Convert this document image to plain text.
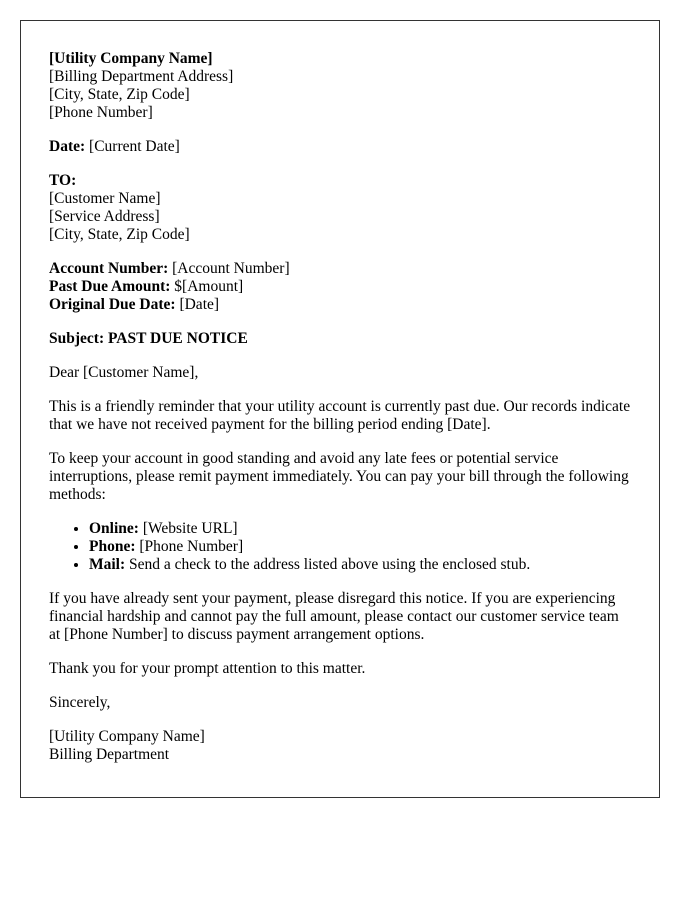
[Utility Company Name]
[Billing Department Address]
[City, State, Zip Code]
[Phone Number]

Date: [Current Date]

TO:
[Customer Name]
[Service Address]
[City, State, Zip Code]
Account Number: [Account Number]
Past Due Amount: $[Amount]
Original Due Date: [Date]

Subject: PAST DUE NOTICE

Dear [Customer Name],

This is a friendly reminder that your utility account is currently past due. Our records indicate that we have not received payment for the billing period ending [Date].

To keep your account in good standing and avoid any late fees or potential service interruptions, please remit payment immediately. You can pay your bill through the following methods:

• Online: [Website URL]
• Phone: [Phone Number]
• Mail: Send a check to the address listed above using the enclosed stub.

If you have already sent your payment, please disregard this notice. If you are experiencing financial hardship and cannot pay the full amount, please contact our customer service team at [Phone Number] to discuss payment arrangement options.

Thank you for your prompt attention to this matter.

Sincerely,

[Utility Company Name]
Billing Department
